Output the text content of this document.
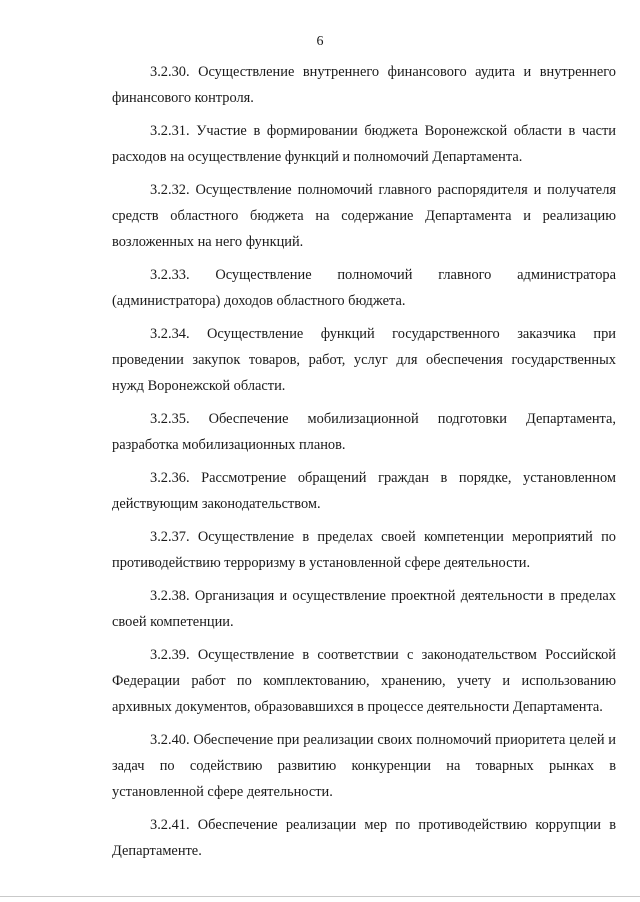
6

3.2.30. Осуществление внутреннего финансового аудита и внутреннего финансового контроля.

3.2.31. Участие в формировании бюджета Воронежской области в части расходов на осуществление функций и полномочий Департамента.

3.2.32. Осуществление полномочий главного распорядителя и получателя средств областного бюджета на содержание Департамента и реализацию возложенных на него функций.

3.2.33. Осуществление полномочий главного администратора (администратора) доходов областного бюджета.

3.2.34. Осуществление функций государственного заказчика при проведении закупок товаров, работ, услуг для обеспечения государственных нужд Воронежской области.

3.2.35. Обеспечение мобилизационной подготовки Департамента, разработка мобилизационных планов.

3.2.36. Рассмотрение обращений граждан в порядке, установленном действующим законодательством.

3.2.37. Осуществление в пределах своей компетенции мероприятий по противодействию терроризму в установленной сфере деятельности.

3.2.38. Организация и осуществление проектной деятельности в пределах своей компетенции.

3.2.39. Осуществление в соответствии с законодательством Российской Федерации работ по комплектованию, хранению, учету и использованию архивных документов, образовавшихся в процессе деятельности Департамента.

3.2.40. Обеспечение при реализации своих полномочий приоритета целей и задач по содействию развитию конкуренции на товарных рынках в установленной сфере деятельности.

3.2.41. Обеспечение реализации мер по противодействию коррупции в Департаменте.
